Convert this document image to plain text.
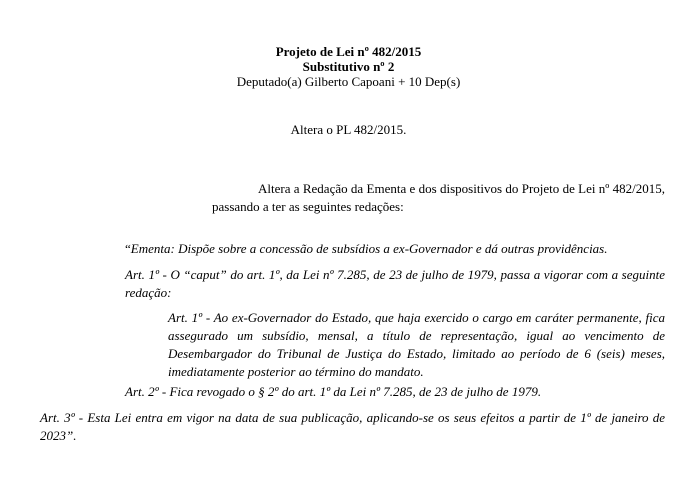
Projeto de Lei nº 482/2015
Substitutivo nº 2
Deputado(a) Gilberto Capoani + 10 Dep(s)
Altera o PL 482/2015.
Altera a Redação da Ementa e dos dispositivos do Projeto de Lei nº 482/2015, passando a ter as seguintes redações:
“Ementa: Dispõe sobre a concessão de subsídios a ex-Governador e dá outras providências.
Art. 1º - O “caput” do art. 1º, da Lei nº 7.285, de 23 de julho de 1979, passa a vigorar com a seguinte redação:
Art. 1º - Ao ex-Governador do Estado, que haja exercido o cargo em caráter permanente, fica assegurado um subsídio, mensal, a título de representação, igual ao vencimento de Desembargador do Tribunal de Justiça do Estado, limitado ao período de 6 (seis) meses, imediatamente posterior ao término do mandato.
Art. 2º - Fica revogado o § 2º do art. 1º da Lei nº 7.285, de 23 de julho de 1979.
Art. 3º - Esta Lei entra em vigor na data de sua publicação, aplicando-se os seus efeitos a partir de 1º de janeiro de 2023”.
